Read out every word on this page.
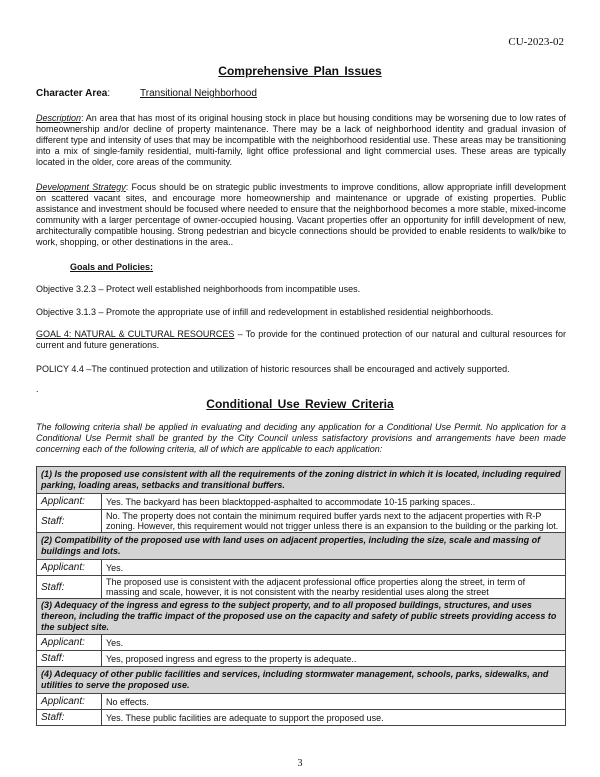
CU-2023-02
Comprehensive Plan Issues
Character Area:	Transitional Neighborhood
Description: An area that has most of its original housing stock in place but housing conditions may be worsening due to low rates of homeownership and/or decline of property maintenance. There may be a lack of neighborhood identity and gradual invasion of different type and intensity of uses that may be incompatible with the neighborhood residential use. These areas may be transitioning into a mix of single-family residential, multi-family, light office professional and light commercial uses. These areas are typically located in the older, core areas of the community.
Development Strategy: Focus should be on strategic public investments to improve conditions, allow appropriate infill development on scattered vacant sites, and encourage more homeownership and maintenance or upgrade of existing properties. Public assistance and investment should be focused where needed to ensure that the neighborhood becomes a more stable, mixed-income community with a larger percentage of owner-occupied housing. Vacant properties offer an opportunity for infill development of new, architecturally compatible housing. Strong pedestrian and bicycle connections should be provided to enable residents to walk/bike to work, shopping, or other destinations in the area..
Goals and Policies:
Objective 3.2.3 – Protect well established neighborhoods from incompatible uses.
Objective 3.1.3 – Promote the appropriate use of infill and redevelopment in established residential neighborhoods.
GOAL 4: NATURAL & CULTURAL RESOURCES – To provide for the continued protection of our natural and cultural resources for current and future generations.
POLICY 4.4 –The continued protection and utilization of historic resources shall be encouraged and actively supported.
.
Conditional Use Review Criteria
The following criteria shall be applied in evaluating and deciding any application for a Conditional Use Permit. No application for a Conditional Use Permit shall be granted by the City Council unless satisfactory provisions and arrangements have been made concerning each of the following criteria, all of which are applicable to each application:
(1) Is the proposed use consistent with all the requirements of the zoning district in which it is located, including required parking, loading areas, setbacks and transitional buffers.	
Applicant:	Yes. The backyard has been blacktopped-asphalted to accommodate 10-15 parking spaces..
Staff:	No. The property does not contain the minimum required buffer yards next to the adjacent properties with R-P zoning. However, this requirement would not trigger unless there is an expansion to the building or the parking lot.
(2) Compatibility of the proposed use with land uses on adjacent properties, including the size, scale and massing of buildings and lots.	
Applicant:	Yes.
Staff:	The proposed use is consistent with the adjacent professional office properties along the street, in term of massing and scale, however, it is not consistent with the nearby residential uses along the street
(3) Adequacy of the ingress and egress to the subject property, and to all proposed buildings, structures, and uses thereon, including the traffic impact of the proposed use on the capacity and safety of public streets providing access to the subject site.	
Applicant:	Yes.
Staff:	Yes, proposed ingress and egress to the property is adequate..
(4) Adequacy of other public facilities and services, including stormwater management, schools, parks, sidewalks, and utilities to serve the proposed use.	
Applicant:	No effects.
Staff:	Yes. These public facilities are adequate to support the proposed use.
3
